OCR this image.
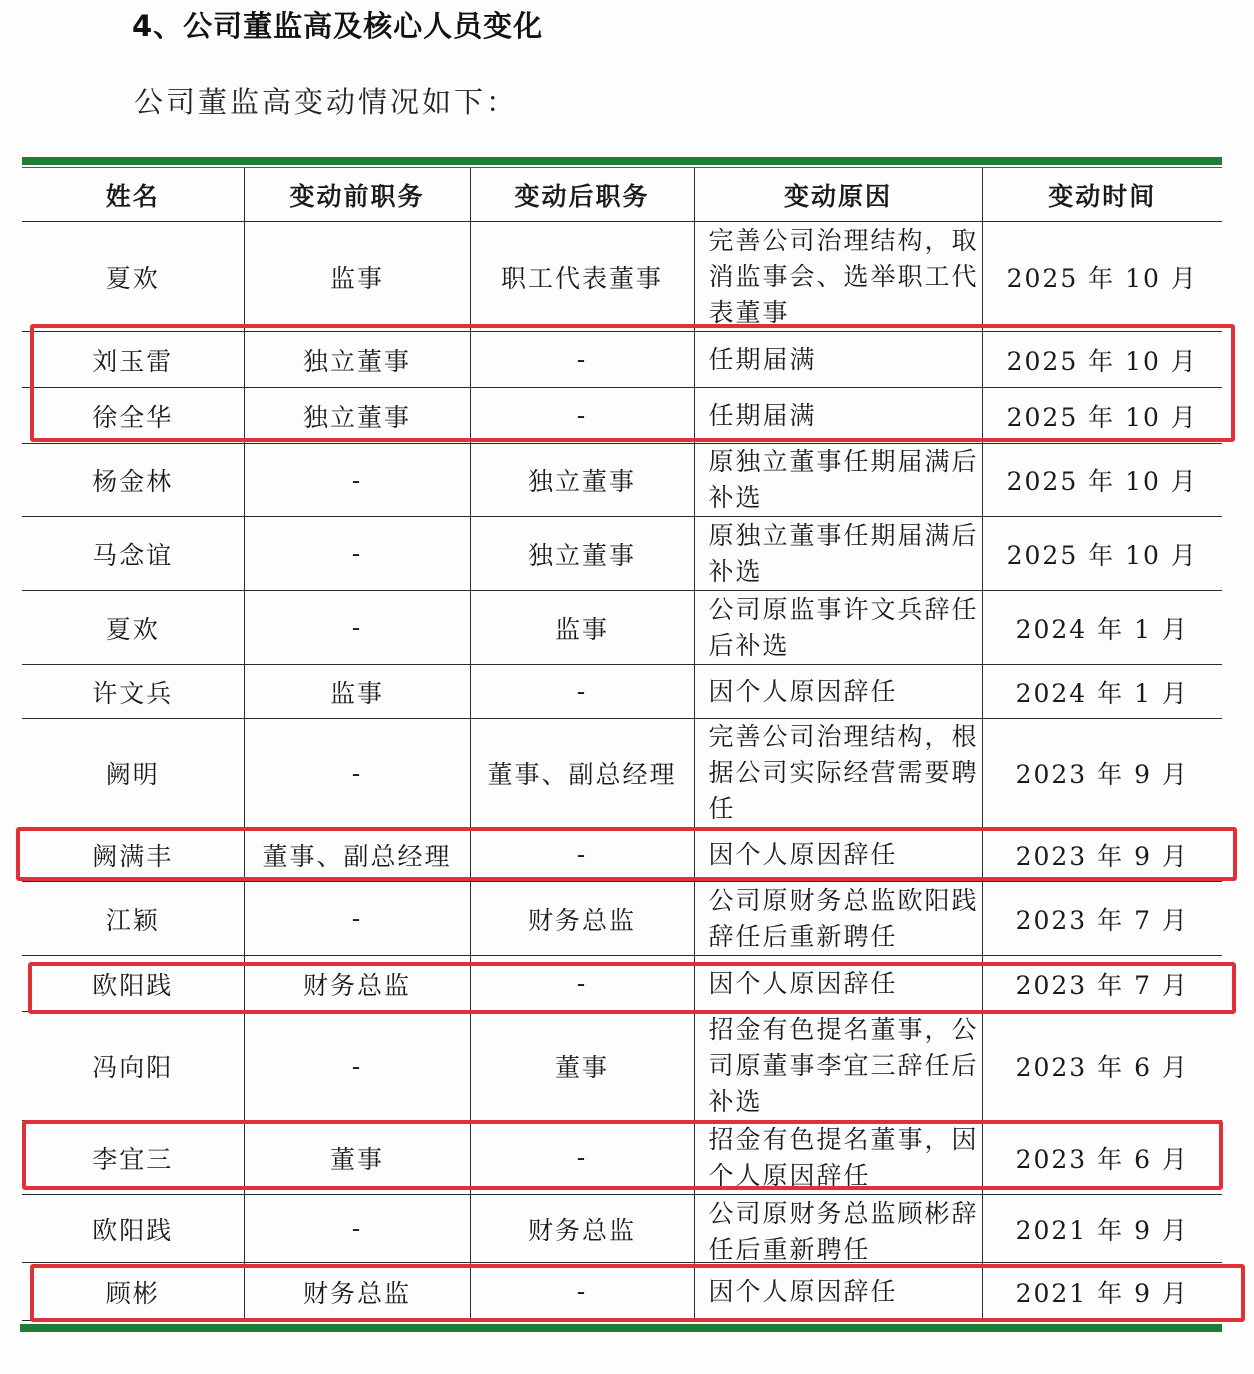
4、公司董监高及核心人员变化
公司董监高变动情况如下：
姓名	变动前职务	变动后职务	变动原因	变动时间
夏欢	监事	职工代表董事	完善公司治理结构，取消监事会、选举职工代表董事	2025 年 10 月
刘玉雷	独立董事	-	任期届满	2025 年 10 月
徐全华	独立董事	-	任期届满	2025 年 10 月
杨金林	-	独立董事	原独立董事任期届满后补选	2025 年 10 月
马念谊	-	独立董事	原独立董事任期届满后补选	2025 年 10 月
夏欢	-	监事	公司原监事许文兵辞任后补选	2024 年 1 月
许文兵	监事	-	因个人原因辞任	2024 年 1 月
阙明	-	董事、副总经理	完善公司治理结构，根据公司实际经营需要聘任	2023 年 9 月
阙满丰	董事、副总经理	-	因个人原因辞任	2023 年 9 月
江颖	-	财务总监	公司原财务总监欧阳践辞任后重新聘任	2023 年 7 月
欧阳践	财务总监	-	因个人原因辞任	2023 年 7 月
冯向阳	-	董事	招金有色提名董事，公司原董事李宜三辞任后补选	2023 年 6 月
李宜三	董事	-	招金有色提名董事，因个人原因辞任	2023 年 6 月
欧阳践	-	财务总监	公司原财务总监顾彬辞任后重新聘任	2021 年 9 月
顾彬	财务总监	-	因个人原因辞任	2021 年 9 月
